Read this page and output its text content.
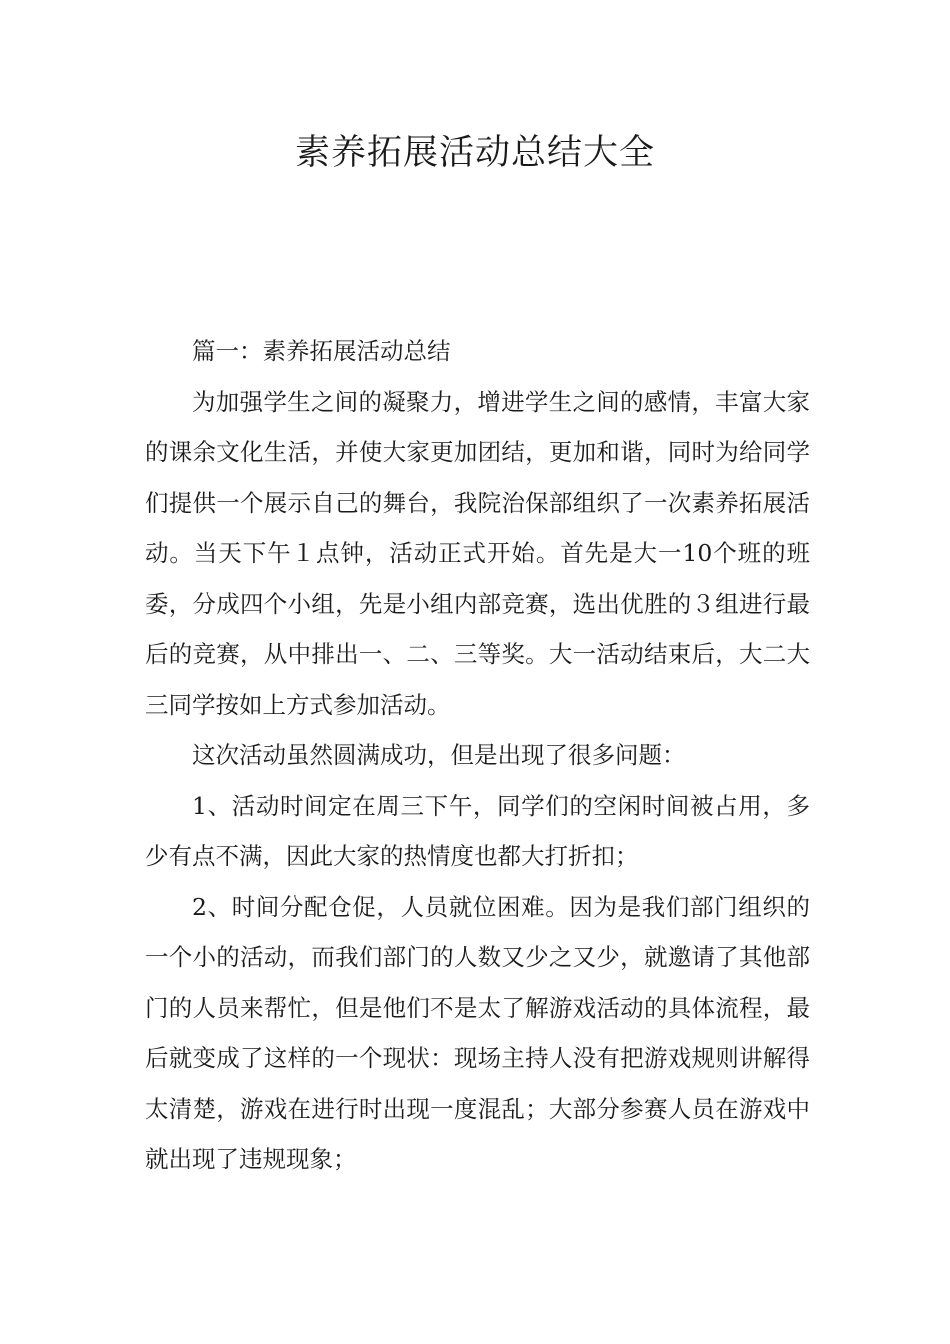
素养拓展活动总结大全
篇一：素养拓展活动总结

为加强学生之间的凝聚力，增进学生之间的感情，丰富大家的课余文化生活，并使大家更加团结，更加和谐，同时为给同学们提供一个展示自己的舞台，我院治保部组织了一次素养拓展活动。当天下午１点钟，活动正式开始。首先是大一10个班的班委，分成四个小组，先是小组内部竞赛，选出优胜的３组进行最后的竞赛，从中排出一、二、三等奖。大一活动结束后，大二大三同学按如上方式参加活动。

这次活动虽然圆满成功，但是出现了很多问题：

1、活动时间定在周三下午，同学们的空闲时间被占用，多少有点不满，因此大家的热情度也都大打折扣；

2、时间分配仓促，人员就位困难。因为是我们部门组织的一个小的活动，而我们部门的人数又少之又少，就邀请了其他部门的人员来帮忙，但是他们不是太了解游戏活动的具体流程，最后就变成了这样的一个现状：现场主持人没有把游戏规则讲解得太清楚，游戏在进行时出现一度混乱；大部分参赛人员在游戏中就出现了违规现象；
